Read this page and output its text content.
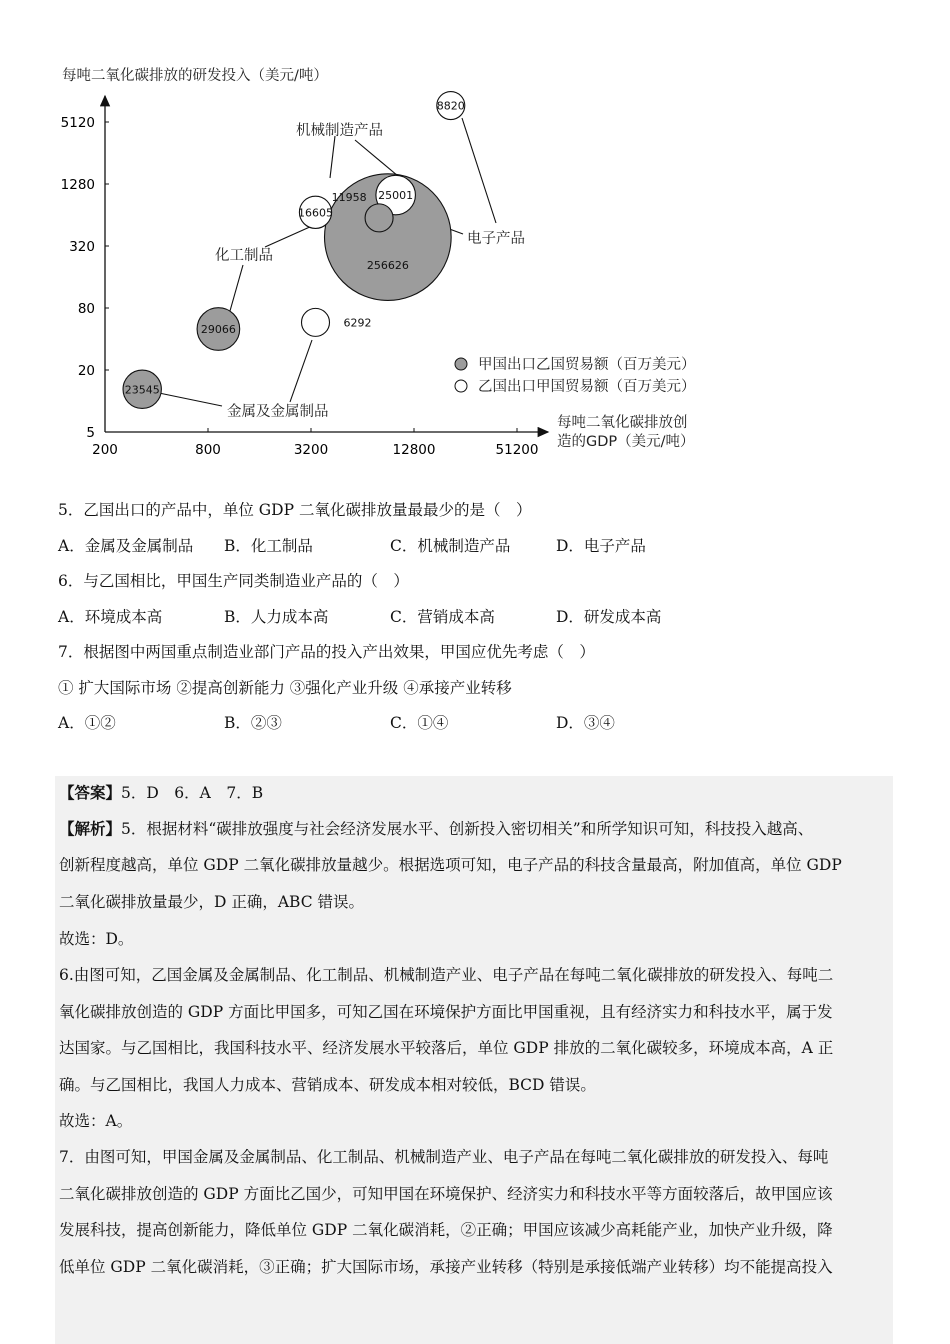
每吨二氧化碳排放的研发投入（美元/吨）
5120
1280
320
80
20
5
200	800	3200	12800	51200
每吨二氧化碳排放创
造的GDP（美元/吨）
256626
29066
25001
23545
16605
11958
6292
8820
机械制造产品
电子产品
化工制品
金属及金属制品
甲国出口乙国贸易额（百万美元）
乙国出口甲国贸易额（百万美元）
5．乙国出口的产品中，单位 GDP 二氧化碳排放量最最少的是（　）
A．金属及金属制品 B．化工制品	C．机械制造产品	D．电子产品
6．与乙国相比，甲国生产同类制造业产品的（　）
A．环境成本高	B．人力成本高	C．营销成本高	D．研发成本高
7．根据图中两国重点制造业部门产品的投入产出效果，甲国应优先考虑（　）
① 扩大国际市场 ②提高创新能力 ③强化产业升级 ④承接产业转移
A．①②	B．②③	C．①④	D．③④
【答案】5．D　6．A　7．B
【解析】5．根据材料“碳排放强度与社会经济发展水平、创新投入密切相关”和所学知识可知，科技投入越高、
创新程度越高，单位 GDP 二氧化碳排放量越少。根据选项可知，电子产品的科技含量最高，附加值高，单位 GDP
二氧化碳排放量最少，D 正确，ABC 错误。
故选：D。
6.由图可知，乙国金属及金属制品、化工制品、机械制造产业、电子产品在每吨二氧化碳排放的研发投入、每吨二
氧化碳排放创造的 GDP 方面比甲国多，可知乙国在环境保护方面比甲国重视，且有经济实力和科技水平，属于发
达国家。与乙国相比，我国科技水平、经济发展水平较落后，单位 GDP 排放的二氧化碳较多，环境成本高，A 正
确。与乙国相比，我国人力成本、营销成本、研发成本相对较低，BCD 错误。
故选：A。
7．由图可知，甲国金属及金属制品、化工制品、机械制造产业、电子产品在每吨二氧化碳排放的研发投入、每吨
二氧化碳排放创造的 GDP 方面比乙国少，可知甲国在环境保护、经济实力和科技水平等方面较落后，故甲国应该
发展科技，提高创新能力，降低单位 GDP 二氧化碳消耗，②正确；甲国应该减少高耗能产业，加快产业升级，降
低单位 GDP 二氧化碳消耗，③正确；扩大国际市场，承接产业转移（特别是承接低端产业转移）均不能提高投入
